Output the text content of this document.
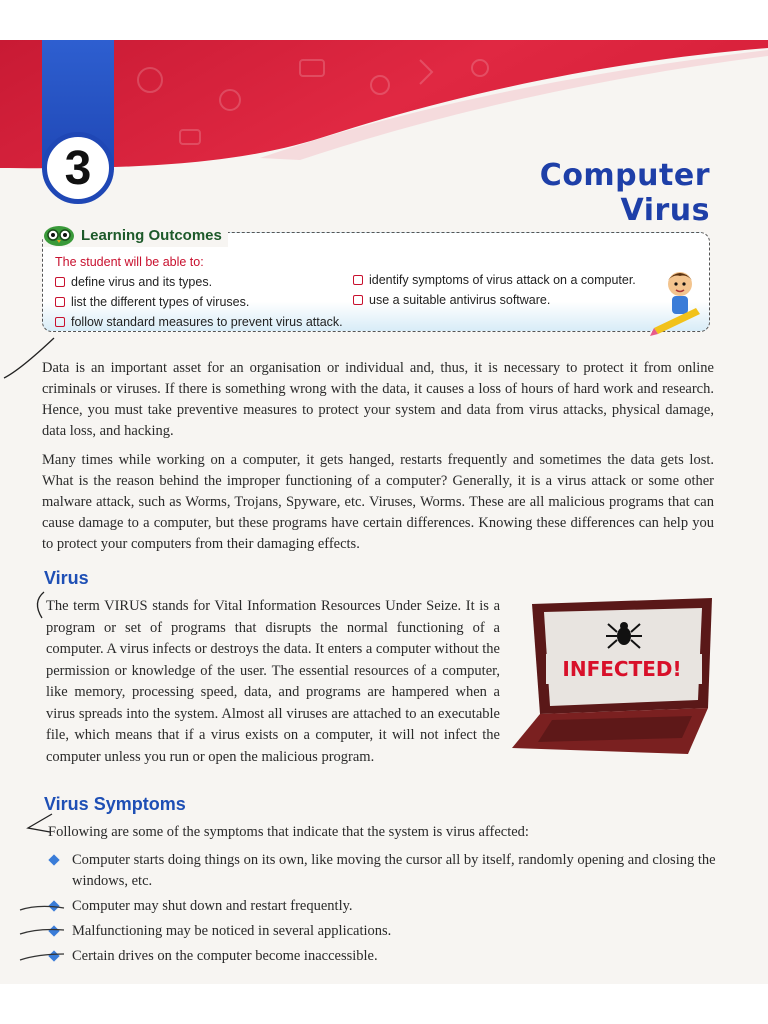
3	Computer Virus
Learning Outcomes
The student will be able to:
define virus and its types.
list the different types of viruses.
follow standard measures to prevent virus attack.
identify symptoms of virus attack on a computer.
use a suitable antivirus software.

Data is an important asset for an organisation or individual and, thus, it is necessary to protect it from online criminals or viruses. If there is something wrong with the data, it causes a loss of hours of hard work and research. Hence, you must take preventive measures to protect your system and data from virus attacks, physical damage, data loss, and hacking.

Many times while working on a computer, it gets hanged, restarts frequently and sometimes the data gets lost. What is the reason behind the improper functioning of a computer? Generally, it is a virus attack or some other malware attack, such as Worms, Trojans, Spyware, etc. Viruses, Worms. These are all malicious programs that can cause damage to a computer, but these programs have certain differences. Knowing these differences can help you to protect your computers from their damaging effects.

Virus

The term VIRUS stands for Vital Information Resources Under Seize. It is a program or set of programs that disrupts the normal functioning of a computer. A virus infects or destroys the data. It enters a computer without the permission or knowledge of the user. The essential resources of a computer, like memory, processing speed, data, and programs are hampered when a virus spreads into the system. Almost all viruses are attached to an executable file, which means that if a virus exists on a computer, it will not infect the computer unless you run or open the malicious program.

INFECTED!
Virus Symptoms

Following are some of the symptoms that indicate that the system is virus affected:

Computer starts doing things on its own, like moving the cursor all by itself, randomly opening and closing the windows, etc.
Computer may shut down and restart frequently.
Malfunctioning may be noticed in several applications.
Certain drives on the computer become inaccessible.
